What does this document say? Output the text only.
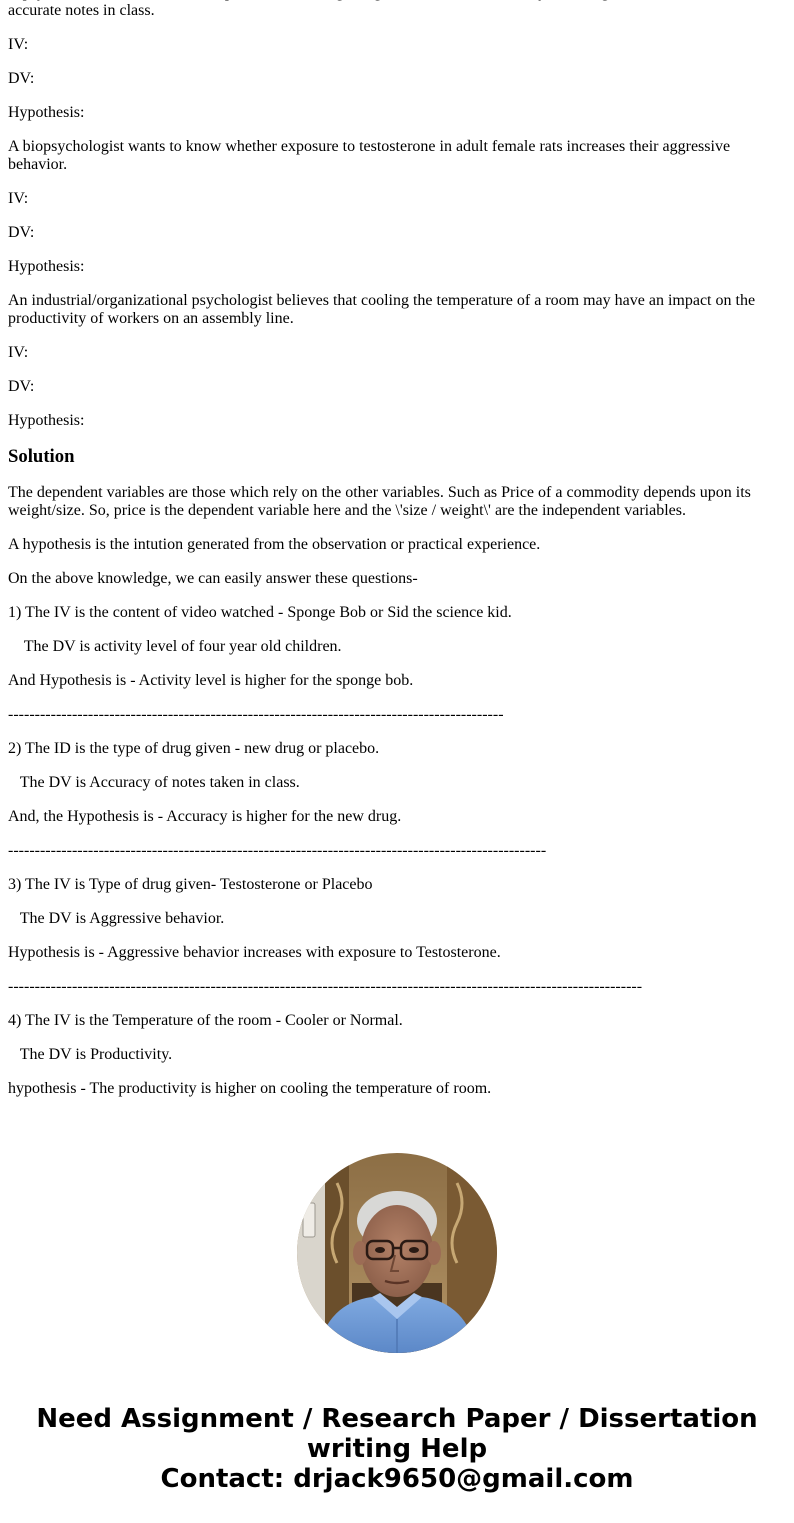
accurate notes in class.

IV:

DV:

Hypothesis:

A biopsychologist wants to know whether exposure to testosterone in adult female rats increases their aggressive behavior.

IV:

DV:

Hypothesis:

An industrial/organizational psychologist believes that cooling the temperature of a room may have an impact on the productivity of workers on an assembly line.

IV:

DV:

Hypothesis:

Solution

The dependent variables are those which rely on the other variables. Such as Price of a commodity depends upon its weight/size. So, price is the dependent variable here and the \'size / weight\' are the independent variables.

A hypothesis is the intution generated from the observation or practical experience.

On the above knowledge, we can easily answer these questions-

1) The IV is the content of video watched - Sponge Bob or Sid the science kid.

The DV is activity level of four year old children.

And Hypothesis is - Activity level is higher for the sponge bob.

---------------------------------------------------------------------------------------------

2) The ID is the type of drug given - new drug or placebo.

The DV is Accuracy of notes taken in class.

And, the Hypothesis is - Accuracy is higher for the new drug.

-----------------------------------------------------------------------------------------------------

3) The IV is Type of drug given- Testosterone or Placebo

The DV is Aggressive behavior.

Hypothesis is - Aggressive behavior increases with exposure to Testosterone.

-----------------------------------------------------------------------------------------------------------------------

4) The IV is the Temperature of the room - Cooler or Normal.

The DV is Productivity.

hypothesis - The productivity is higher on cooling the temperature of room.

Need Assignment / Research Paper / Dissertation writing Help
Contact: drjack9650@gmail.com
